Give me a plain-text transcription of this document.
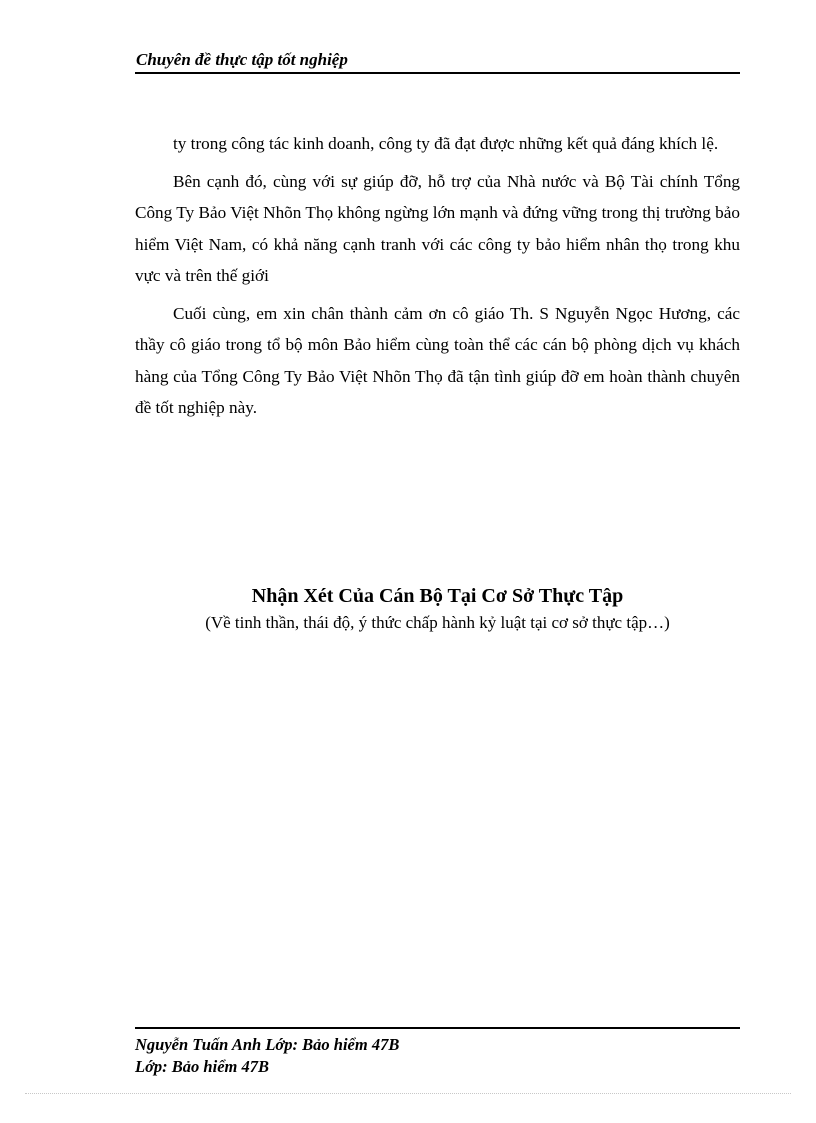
Chuyên đề thực tập tốt nghiệp

ty trong công tác kinh doanh, công ty đã đạt được những kết quả đáng khích lệ.

Bên cạnh đó, cùng với sự giúp đỡ, hỗ trợ của Nhà nước và Bộ Tài chính Tổng Công Ty Bảo Việt Nhõn Thọ không ngừng lớn mạnh và đứng vững trong thị trường bảo hiểm Việt Nam, có khả năng cạnh tranh với các công ty bảo hiểm nhân thọ trong khu vực và trên thế giới

Cuối cùng, em xin chân thành cảm ơn cô giáo Th. S Nguyễn Ngọc Hương, các thầy cô giáo trong tổ bộ môn Bảo hiểm cùng toàn thể các cán bộ phòng dịch vụ khách hàng của Tổng Công Ty Bảo Việt Nhõn Thọ đã tận tình giúp đỡ em hoàn thành chuyên đề tốt nghiệp này.

Nhận Xét Của Cán Bộ Tại Cơ Sở Thực Tập
(Về tinh thần, thái độ, ý thức chấp hành kỷ luật tại cơ sở thực tập…)
Nguyễn Tuấn Anh Lớp: Bảo hiểm 47B
Lớp: Bảo hiểm 47B
